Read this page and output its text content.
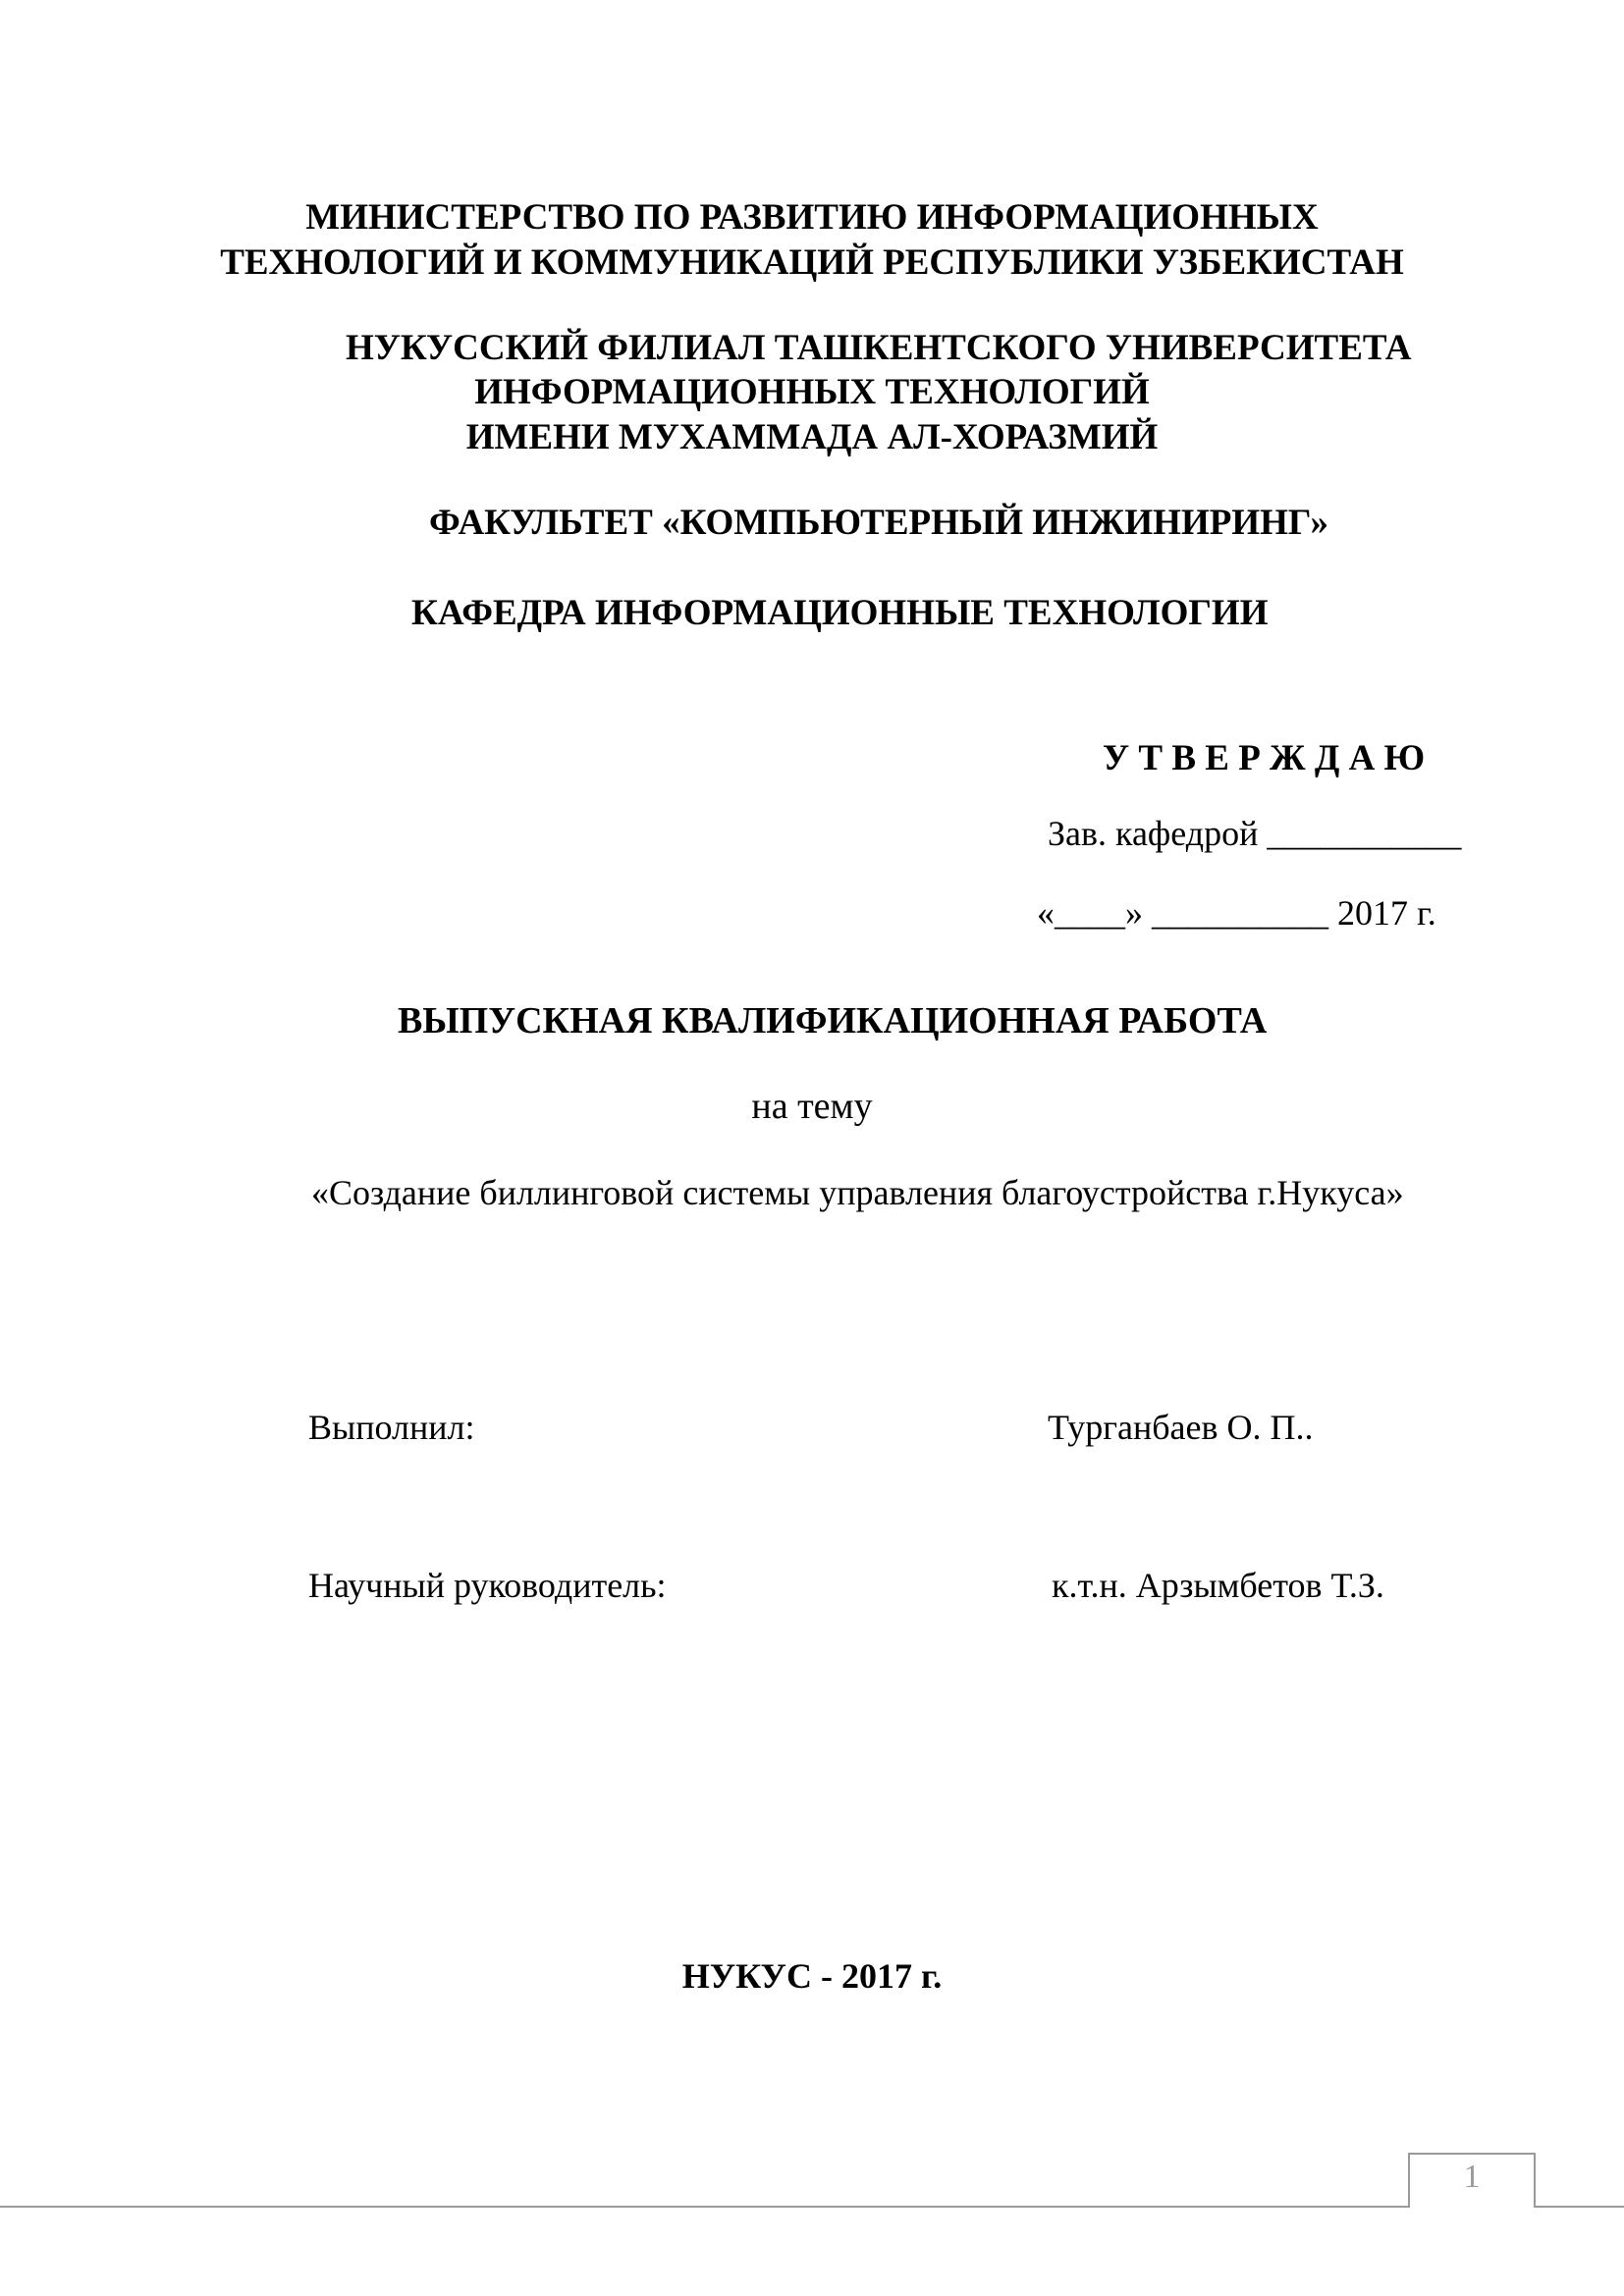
МИНИСТЕРСТВО ПО РАЗВИТИЮ ИНФОРМАЦИОННЫХ
ТЕХНОЛОГИЙ И КОММУНИКАЦИЙ РЕСПУБЛИКИ УЗБЕКИСТАН
НУКУССКИЙ ФИЛИАЛ ТАШКЕНТСКОГО УНИВЕРСИТЕТА
ИНФОРМАЦИОННЫХ ТЕХНОЛОГИЙ
ИМЕНИ МУХАММАДА АЛ-ХОРАЗМИЙ
ФАКУЛЬТЕТ «КОМПЬЮТЕРНЫЙ ИНЖИНИРИНГ»
КАФЕДРА ИНФОРМАЦИОННЫЕ ТЕХНОЛОГИИ
У Т В Е Р Ж Д А Ю
Зав. кафедрой ___________
«____» __________ 2017 г.
ВЫПУСКНАЯ КВАЛИФИКАЦИОННАЯ РАБОТА
на тему
«Создание биллинговой системы управления благоустройства г.Нукуса»
Выполнил:	Турганбаев О. П..
Научный руководитель:	к.т.н. Арзымбетов Т.З.
НУКУС - 2017 г.
1
